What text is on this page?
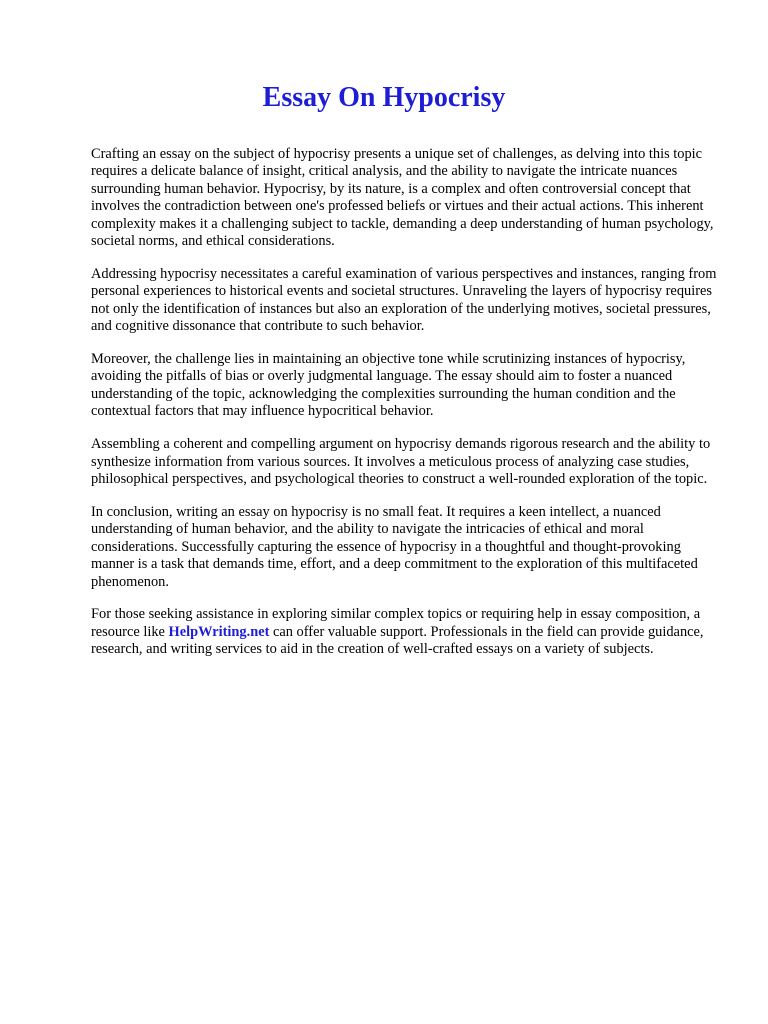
Essay On Hypocrisy

Crafting an essay on the subject of hypocrisy presents a unique set of challenges, as delving into this topic requires a delicate balance of insight, critical analysis, and the ability to navigate the intricate nuances surrounding human behavior. Hypocrisy, by its nature, is a complex and often controversial concept that involves the contradiction between one's professed beliefs or virtues and their actual actions. This inherent complexity makes it a challenging subject to tackle, demanding a deep understanding of human psychology, societal norms, and ethical considerations.

Addressing hypocrisy necessitates a careful examination of various perspectives and instances, ranging from personal experiences to historical events and societal structures. Unraveling the layers of hypocrisy requires not only the identification of instances but also an exploration of the underlying motives, societal pressures, and cognitive dissonance that contribute to such behavior.

Moreover, the challenge lies in maintaining an objective tone while scrutinizing instances of hypocrisy, avoiding the pitfalls of bias or overly judgmental language. The essay should aim to foster a nuanced understanding of the topic, acknowledging the complexities surrounding the human condition and the contextual factors that may influence hypocritical behavior.

Assembling a coherent and compelling argument on hypocrisy demands rigorous research and the ability to synthesize information from various sources. It involves a meticulous process of analyzing case studies, philosophical perspectives, and psychological theories to construct a well-rounded exploration of the topic.

In conclusion, writing an essay on hypocrisy is no small feat. It requires a keen intellect, a nuanced understanding of human behavior, and the ability to navigate the intricacies of ethical and moral considerations. Successfully capturing the essence of hypocrisy in a thoughtful and thought-provoking manner is a task that demands time, effort, and a deep commitment to the exploration of this multifaceted phenomenon.

For those seeking assistance in exploring similar complex topics or requiring help in essay composition, a resource like HelpWriting.net can offer valuable support. Professionals in the field can provide guidance, research, and writing services to aid in the creation of well-crafted essays on a variety of subjects.
